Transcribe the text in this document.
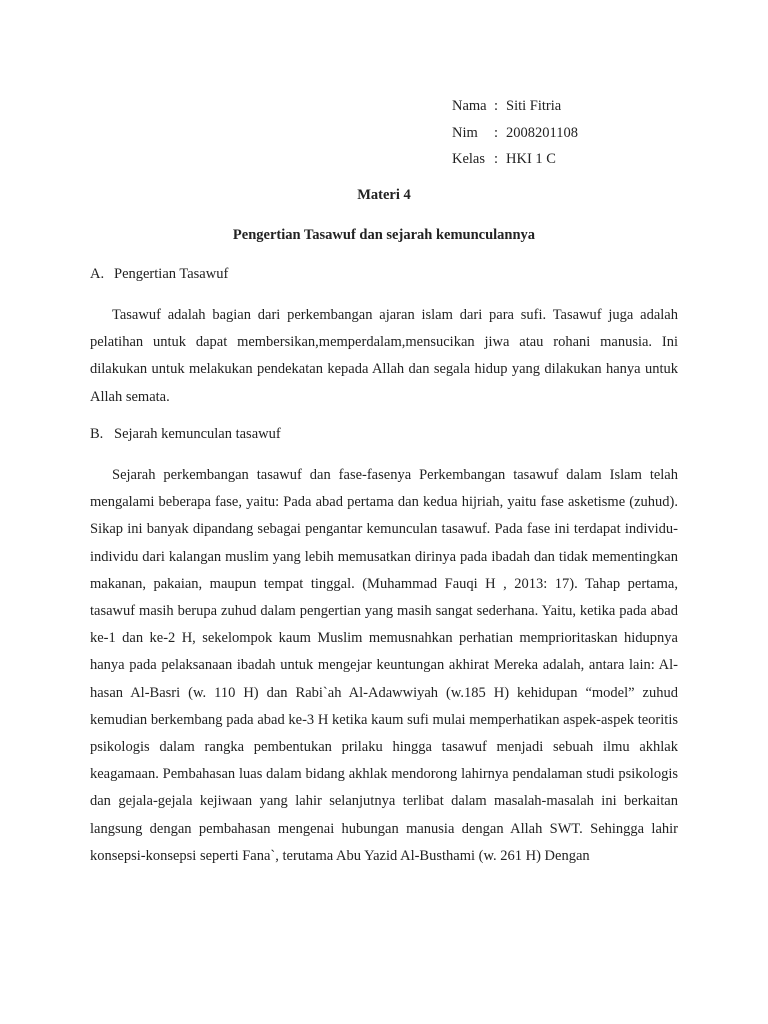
Nama : Siti Fitria
Nim	: 2008201108
Kelas : HKI 1 C
Materi 4
Pengertian Tasawuf dan sejarah kemunculannya
A. Pengertian Tasawuf

Tasawuf adalah bagian dari perkembangan ajaran islam dari para sufi. Tasawuf juga adalah pelatihan untuk dapat membersikan,memperdalam,mensucikan jiwa atau rohani manusia. Ini dilakukan untuk melakukan pendekatan kepada Allah dan segala hidup yang dilakukan hanya untuk Allah semata.

B. Sejarah kemunculan tasawuf

Sejarah perkembangan tasawuf dan fase-fasenya Perkembangan tasawuf dalam Islam telah mengalami beberapa fase, yaitu: Pada abad pertama dan kedua hijriah, yaitu fase asketisme (zuhud). Sikap ini banyak dipandang sebagai pengantar kemunculan tasawuf. Pada fase ini terdapat individu-individu dari kalangan muslim yang lebih memusatkan dirinya pada ibadah dan tidak mementingkan makanan, pakaian, maupun tempat tinggal. (Muhammad Fauqi H , 2013: 17). Tahap pertama, tasawuf masih berupa zuhud dalam pengertian yang masih sangat sederhana. Yaitu, ketika pada abad ke-1 dan ke-2 H, sekelompok kaum Muslim memusnahkan perhatian memprioritaskan hidupnya hanya pada pelaksanaan ibadah untuk mengejar keuntungan akhirat Mereka adalah, antara lain: Al-hasan Al-Basri (w. 110 H) dan Rabi`ah Al-Adawwiyah (w.185 H) kehidupan “model” zuhud kemudian berkembang pada abad ke-3 H ketika kaum sufi mulai memperhatikan aspek-aspek teoritis psikologis dalam rangka pembentukan prilaku hingga tasawuf menjadi sebuah ilmu akhlak keagamaan. Pembahasan luas dalam bidang akhlak mendorong lahirnya pendalaman studi psikologis dan gejala-gejala kejiwaan yang lahir selanjutnya terlibat dalam masalah-masalah ini berkaitan langsung dengan pembahasan mengenai hubungan manusia dengan Allah SWT. Sehingga lahir konsepsi-konsepsi seperti Fana`, terutama Abu Yazid Al-Busthami (w. 261 H) Dengan
